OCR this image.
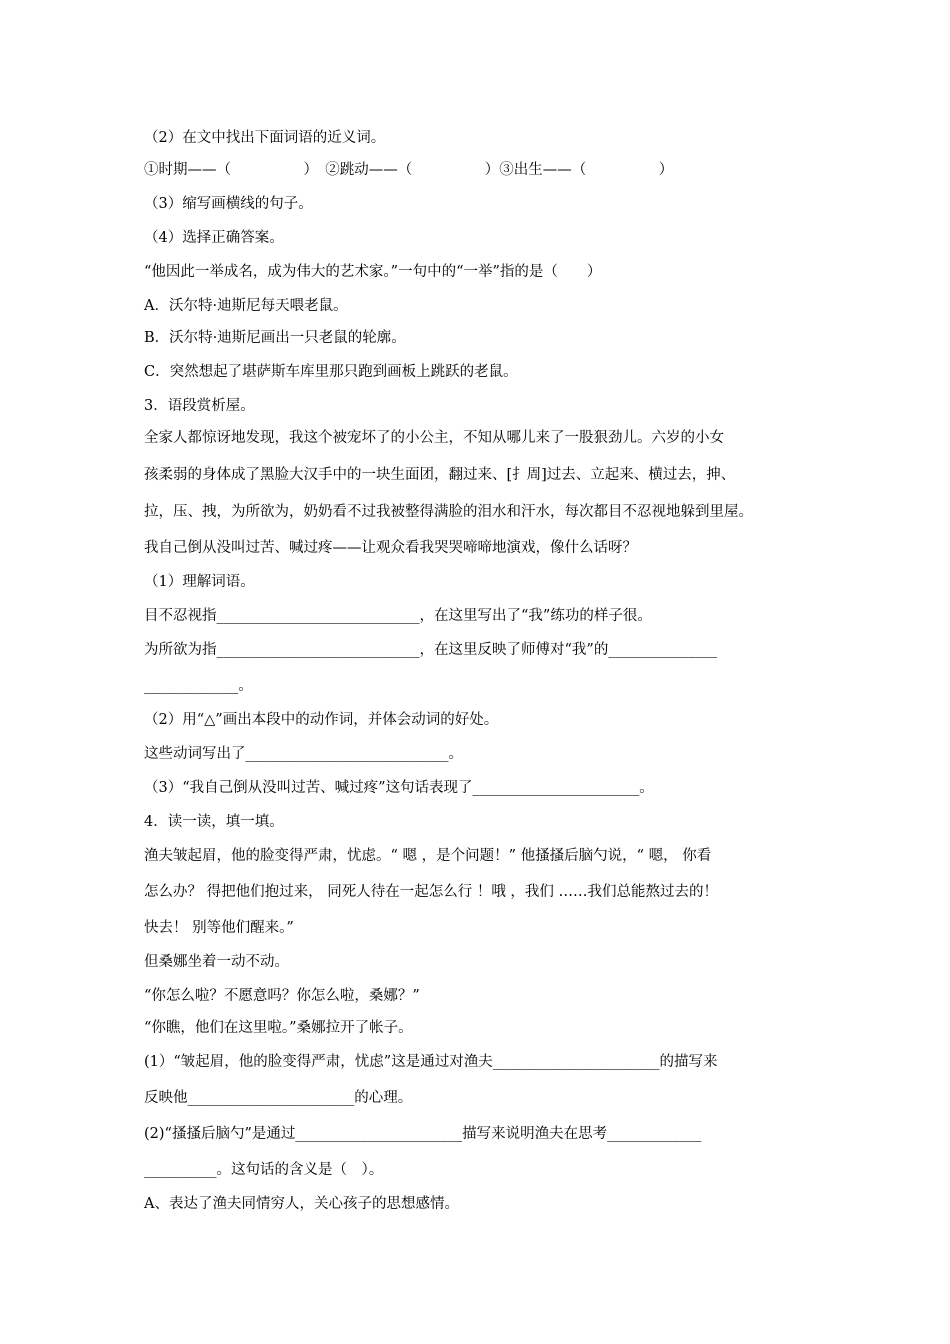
（2）在文中找出下面词语的近义词。
①时期——（　　　　　）　②跳动——（　　　　　）③出生——（　　　　　）
（3）缩写画横线的句子。
（4）选择正确答案。
“他因此一举成名，成为伟大的艺术家。”一句中的“一举”指的是（　　）
A．沃尔特·迪斯尼每天喂老鼠。
B．沃尔特·迪斯尼画出一只老鼠的轮廓。
C．突然想起了堪萨斯车库里那只跑到画板上跳跃的老鼠。
3．语段赏析屋。
全家人都惊讶地发现，我这个被宠坏了的小公主，不知从哪儿来了一股狠劲儿。六岁的小女
孩柔弱的身体成了黑脸大汉手中的一块生面团，翻过来、[扌周]过去、立起来、横过去，抻、
拉，压、拽，为所欲为，奶奶看不过我被整得满脸的泪水和汗水，每次都目不忍视地躲到里屋。
我自己倒从没叫过苦、喊过疼——让观众看我哭哭啼啼地演戏，像什么话呀？
（1）理解词语。
目不忍视指____________________________，在这里写出了“我”练功的样子很。
为所欲为指____________________________，在这里反映了师傅对“我”的_______________
_____________。
（2）用“△”画出本段中的动作词，并体会动词的好处。
这些动词写出了____________________________。
（3）“我自己倒从没叫过苦、喊过疼”这句话表现了_______________________。
4．读一读，填一填。
渔夫皱起眉，他的脸变得严肃，忧虑。“ 嗯 ，是个问题！” 他搔搔后脑勺说，“ 嗯， 你看
怎么办？ 得把他们抱过来， 同死人待在一起怎么行 ！哦 ，我们 ……我们总能熬过去的！
快去！ 别等他们醒来。”
但桑娜坐着一动不动。
“你怎么啦？不愿意吗？你怎么啦，桑娜？”
“你瞧，他们在这里啦。”桑娜拉开了帐子。
(1）“皱起眉，他的脸变得严肃，忧虑”这是通过对渔夫_______________________的描写来
反映他_______________________的心理。
(2)“搔搔后脑勺”是通过_______________________描写来说明渔夫在思考_____________
__________。这句话的含义是（　）。
A、表达了渔夫同情穷人，关心孩子的思想感情。
